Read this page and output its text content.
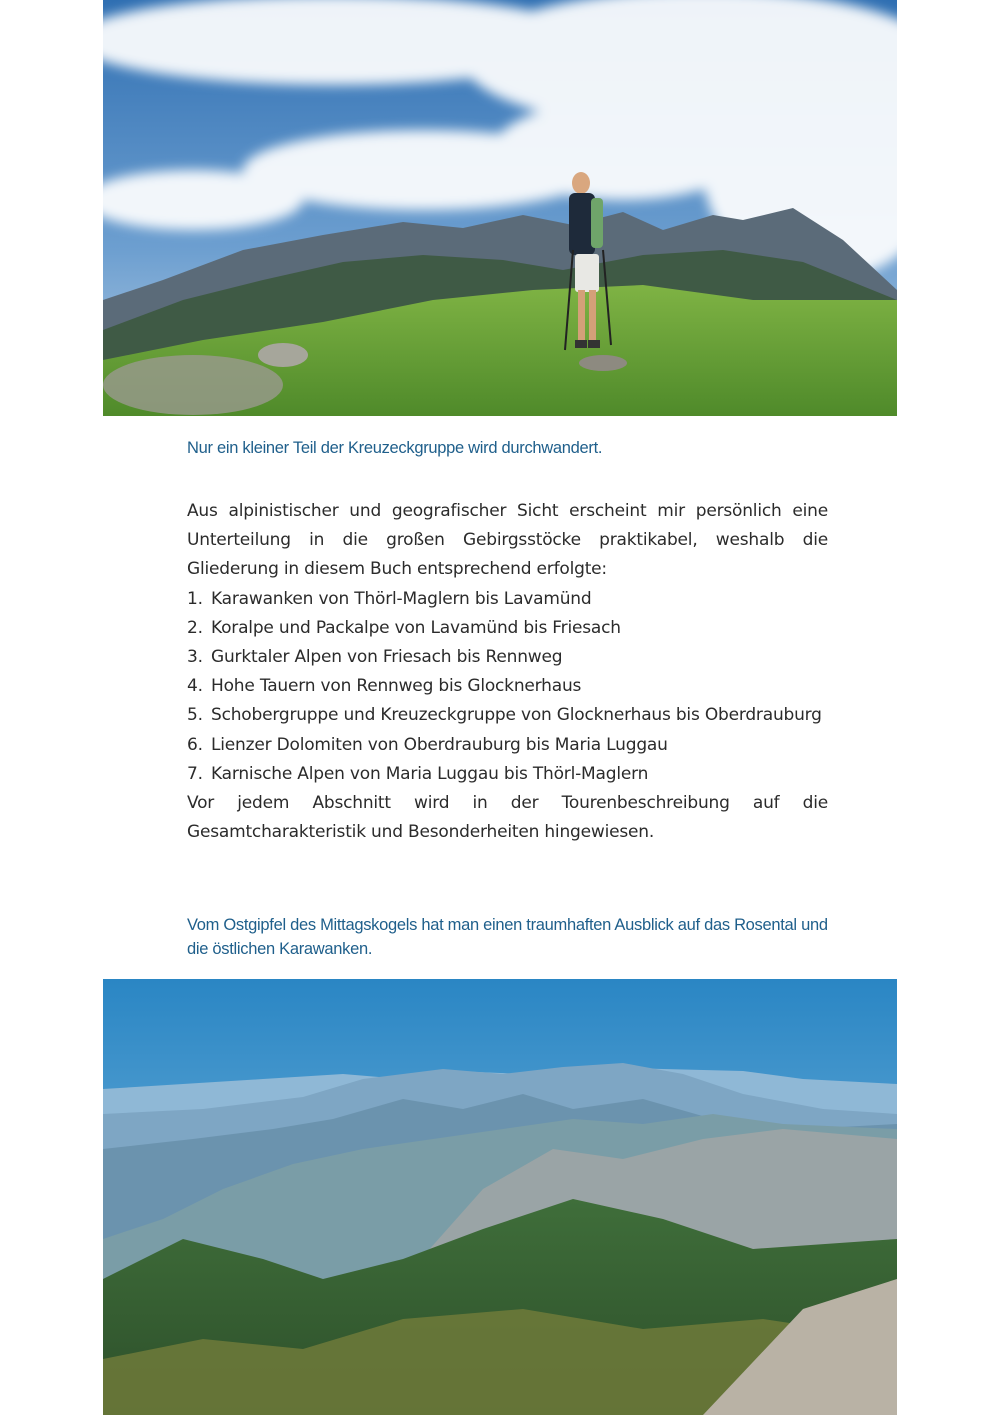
Nur ein kleiner Teil der Kreuzeckgruppe wird durchwandert.

Aus alpinistischer und geografischer Sicht erscheint mir persönlich eine Unterteilung in die großen Gebirgsstöcke praktikabel, weshalb die Gliederung in diesem Buch entsprechend erfolgte:

1. Karawanken von Thörl-Maglern bis Lavamünd
2. Koralpe und Packalpe von Lavamünd bis Friesach
3. Gurktaler Alpen von Friesach bis Rennweg
4. Hohe Tauern von Rennweg bis Glocknerhaus
5. Schobergruppe und Kreuzeckgruppe von Glocknerhaus bis Oberdrauburg
6. Lienzer Dolomiten von Oberdrauburg bis Maria Luggau
7. Karnische Alpen von Maria Luggau bis Thörl-Maglern

Vor jedem Abschnitt wird in der Tourenbeschreibung auf die Gesamtcharakteristik und Besonderheiten hingewiesen.

Vom Ostgipfel des Mittagskogels hat man einen traumhaften Ausblick auf das Rosental und die östlichen Karawanken.
